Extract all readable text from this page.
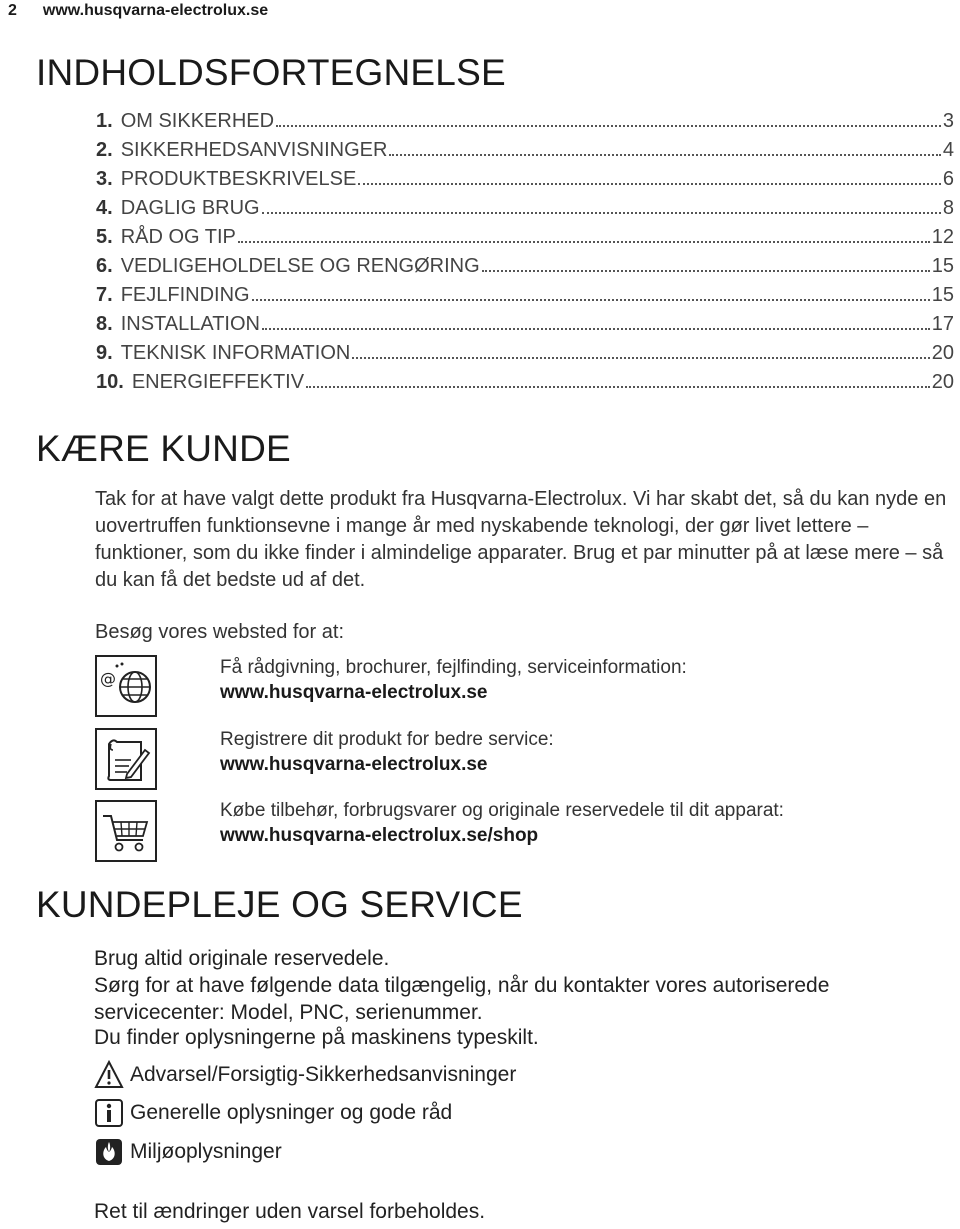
2 www.husqvarna-electrolux.se
INDHOLDSFORTEGNELSE
1. OM SIKKERHED	3
2. SIKKERHEDSANVISNINGER	4
3. PRODUKTBESKRIVELSE	6
4. DAGLIG BRUG	8
5. RÅD OG TIP	12
6. VEDLIGEHOLDELSE OG RENGØRING	15
7. FEJLFINDING	15
8. INSTALLATION	17
9. TEKNISK INFORMATION	20
10. ENERGIEFFEKTIV	20
KÆRE KUNDE
Tak for at have valgt dette produkt fra Husqvarna-Electrolux. Vi har skabt det, så du kan nyde en uovertruffen funktionsevne i mange år med nyskabende teknologi, der gør livet lettere – funktioner, som du ikke finder i almindelige apparater. Brug et par minutter på at læse mere – så du kan få det bedste ud af det.
Besøg vores websted for at:
@
Få rådgivning, brochurer, fejlfinding, serviceinformation:
www.husqvarna-electrolux.se
Registrere dit produkt for bedre service:
www.husqvarna-electrolux.se
Købe tilbehør, forbrugsvarer og originale reservedele til dit apparat:
www.husqvarna-electrolux.se/shop
KUNDEPLEJE OG SERVICE
Brug altid originale reservedele.
Sørg for at have følgende data tilgængelig, når du kontakter vores autoriserede servicecenter: Model, PNC, serienummer.
Du finder oplysningerne på maskinens typeskilt.
Advarsel/Forsigtig-Sikkerhedsanvisninger
Generelle oplysninger og gode råd
Miljøoplysninger
Ret til ændringer uden varsel forbeholdes.
